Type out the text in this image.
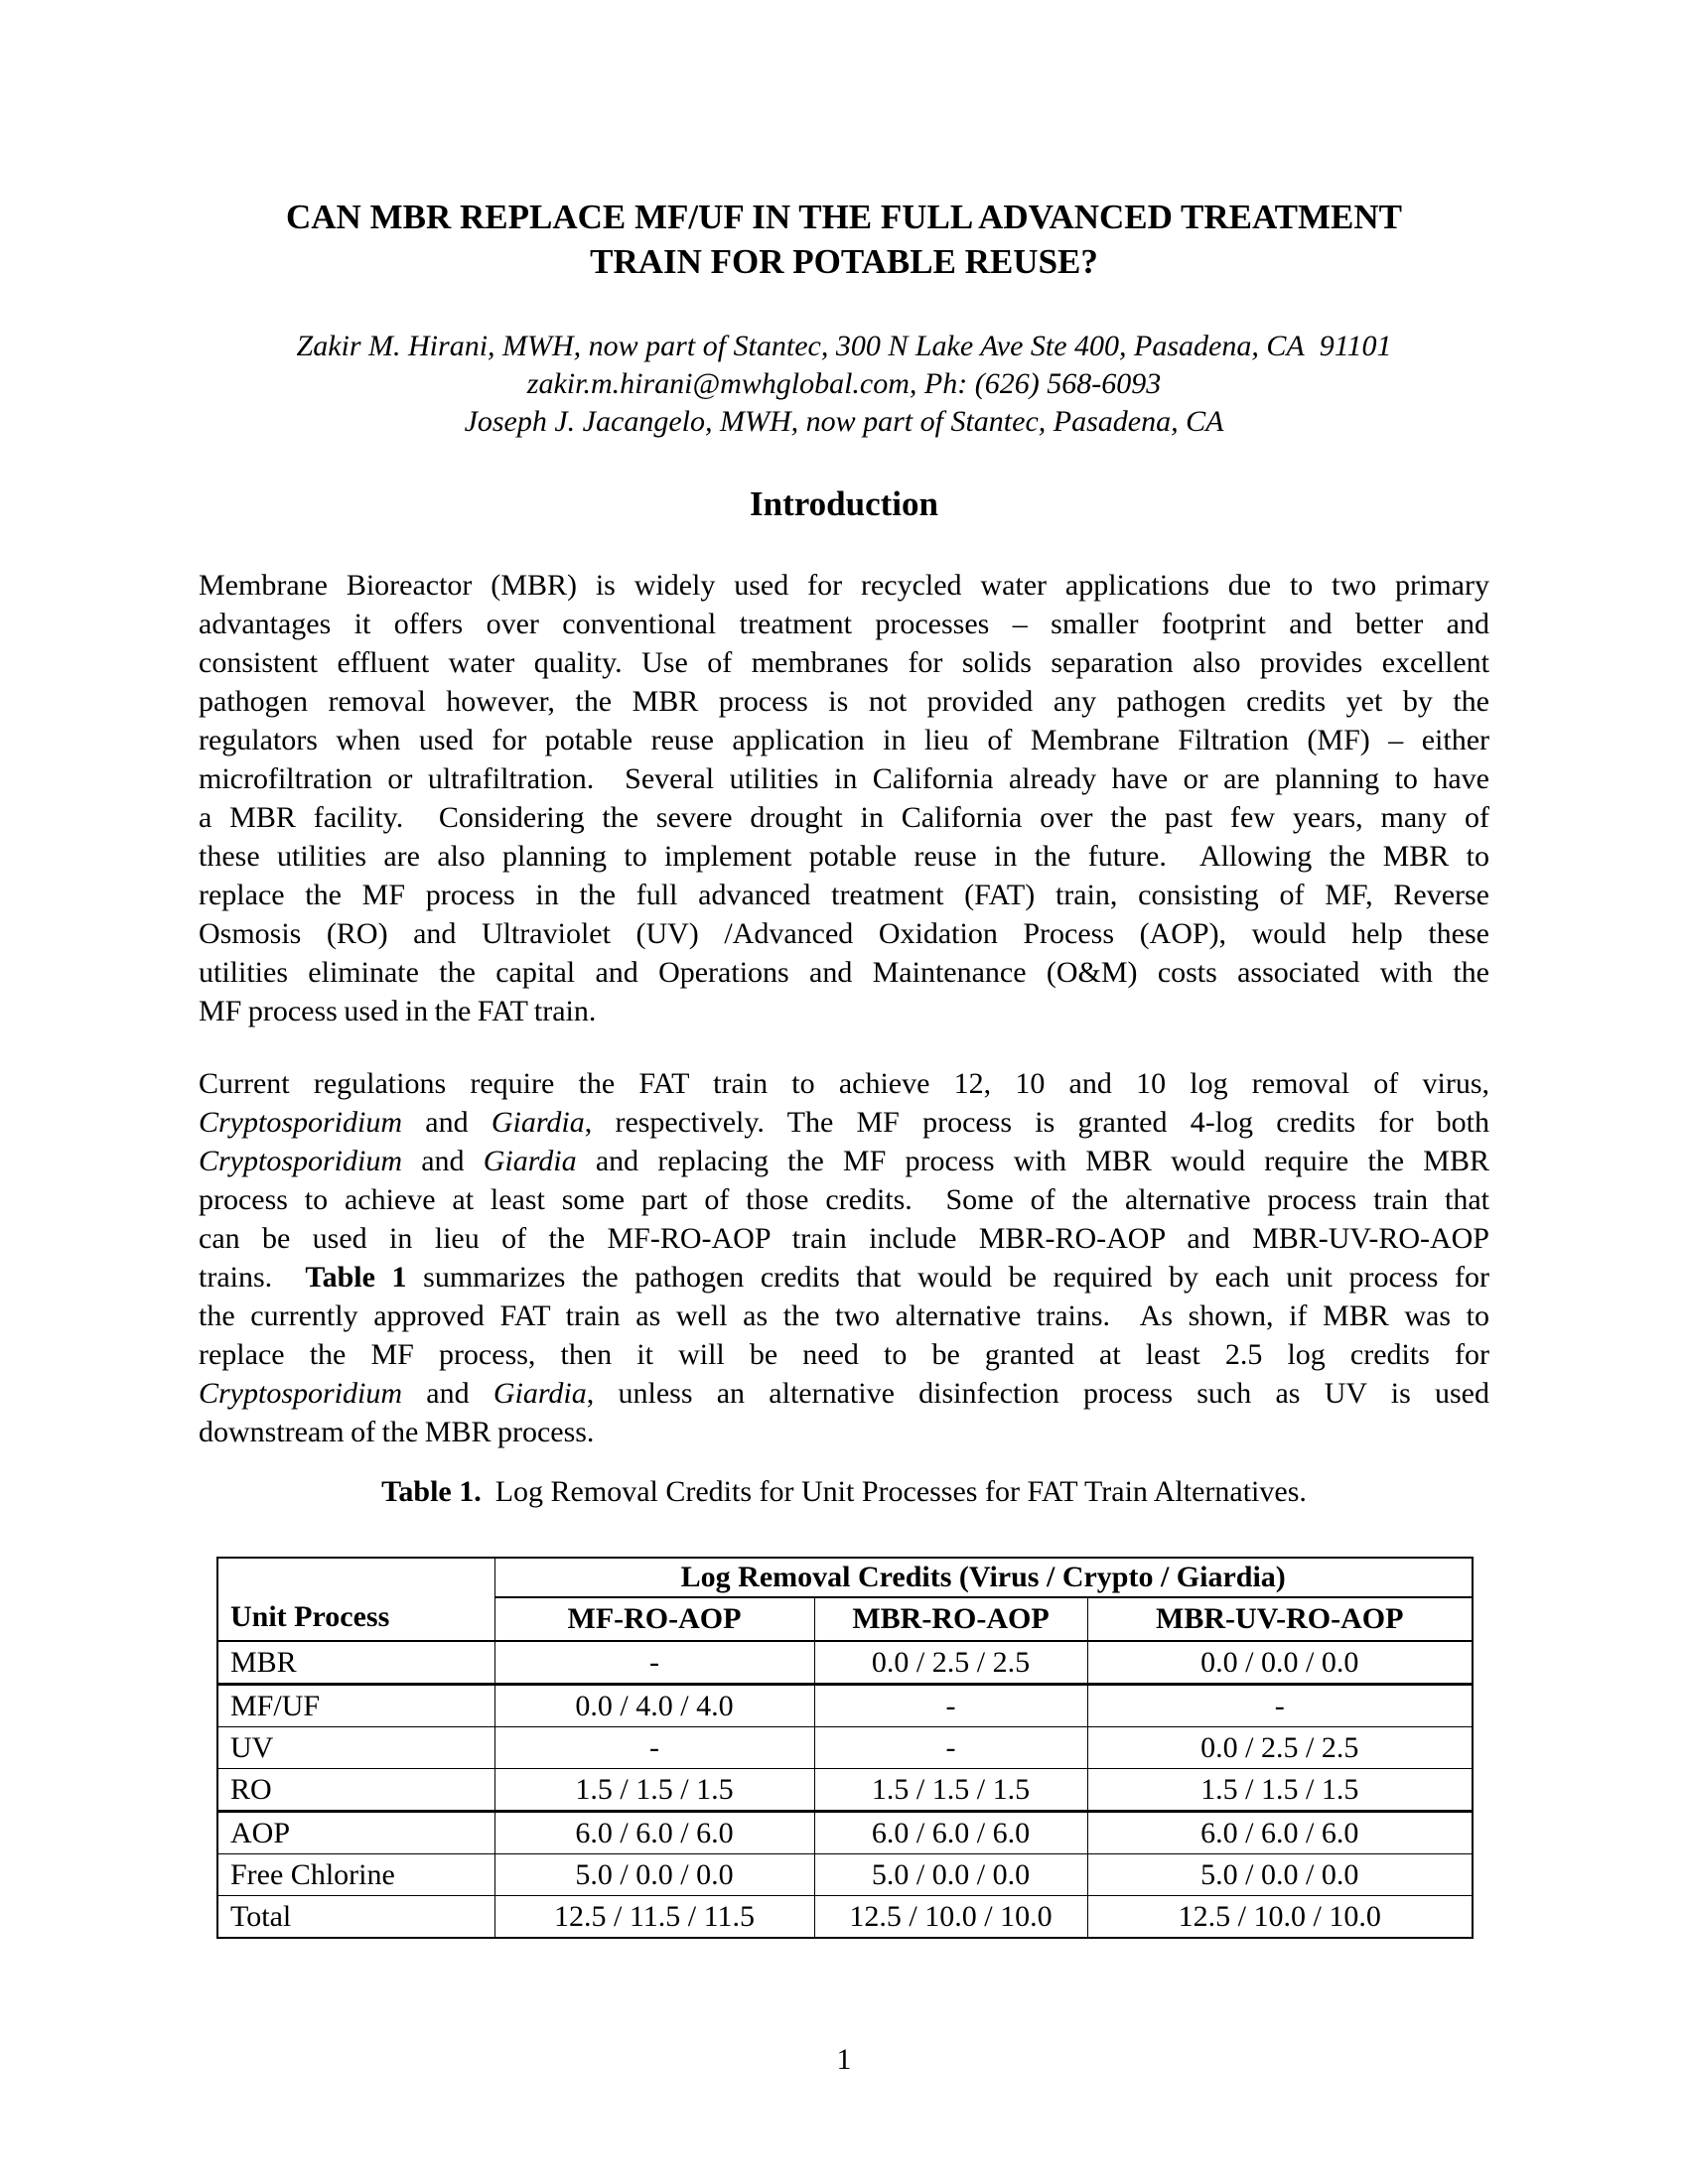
CAN MBR REPLACE MF/UF IN THE FULL ADVANCED TREATMENT
TRAIN FOR POTABLE REUSE?
Zakir M. Hirani, MWH, now part of Stantec, 300 N Lake Ave Ste 400, Pasadena, CA  91101
zakir.m.hirani@mwhglobal.com, Ph: (626) 568-6093
Joseph J. Jacangelo, MWH, now part of Stantec, Pasadena, CA
Introduction
Membrane Bioreactor (MBR) is widely used for recycled water applications due to two primary
advantages it offers over conventional treatment processes – smaller footprint and better and
consistent effluent water quality. Use of membranes for solids separation also provides excellent
pathogen removal however, the MBR process is not provided any pathogen credits yet by the
regulators when used for potable reuse application in lieu of Membrane Filtration (MF) – either
microfiltration or ultrafiltration.  Several utilities in California already have or are planning to have
a MBR facility.  Considering the severe drought in California over the past few years, many of
these utilities are also planning to implement potable reuse in the future.  Allowing the MBR to
replace the MF process in the full advanced treatment (FAT) train, consisting of MF, Reverse
Osmosis (RO) and Ultraviolet (UV) /Advanced Oxidation Process (AOP), would help these
utilities eliminate the capital and Operations and Maintenance (O&M) costs associated with the
MF process used in the FAT train.
Current regulations require the FAT train to achieve 12, 10 and 10 log removal of virus,
Cryptosporidium and Giardia, respectively. The MF process is granted 4-log credits for both
Cryptosporidium and Giardia and replacing the MF process with MBR would require the MBR
process to achieve at least some part of those credits.  Some of the alternative process train that
can be used in lieu of the MF-RO-AOP train include MBR-RO-AOP and MBR-UV-RO-AOP
trains.  Table 1 summarizes the pathogen credits that would be required by each unit process for
the currently approved FAT train as well as the two alternative trains.  As shown, if MBR was to
replace the MF process, then it will be need to be granted at least 2.5 log credits for
Cryptosporidium and Giardia, unless an alternative disinfection process such as UV is used
downstream of the MBR process.
Table 1. Log Removal Credits for Unit Processes for FAT Train Alternatives.
Unit Process	Log Removal Credits (Virus / Crypto / Giardia)		
	MF-RO-AOP	MBR-RO-AOP	MBR-UV-RO-AOP
MBR	-	0.0 / 2.5 / 2.5	0.0 / 0.0 / 0.0
MF/UF	0.0 / 4.0 / 4.0	-	-
UV	-	-	0.0 / 2.5 / 2.5
RO	1.5 / 1.5 / 1.5	1.5 / 1.5 / 1.5	1.5 / 1.5 / 1.5
AOP	6.0 / 6.0 / 6.0	6.0 / 6.0 / 6.0	6.0 / 6.0 / 6.0
Free Chlorine	5.0 / 0.0 / 0.0	5.0 / 0.0 / 0.0	5.0 / 0.0 / 0.0
Total	12.5 / 11.5 / 11.5	12.5 / 10.0 / 10.0	12.5 / 10.0 / 10.0
1
